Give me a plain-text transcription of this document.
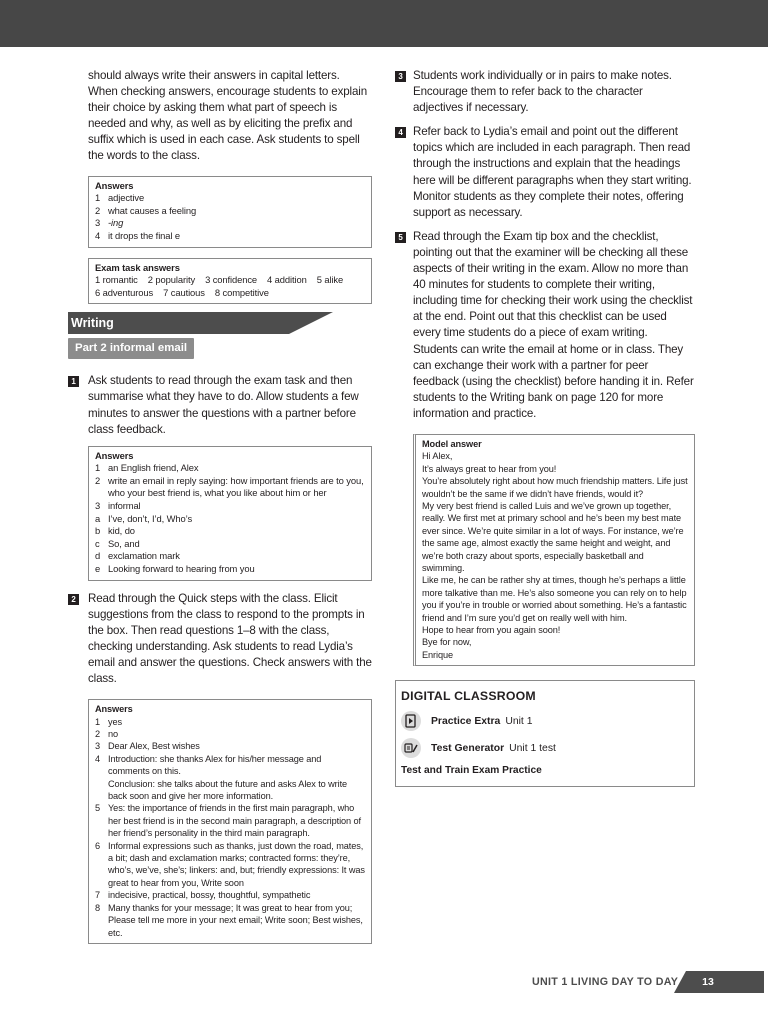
should always write their answers in capital letters. When checking answers, encourage students to explain their choice by asking them what part of speech is needed and why, as well as by eliciting the prefix and suffix which is used in each case. Ask students to spell the words to the class.

Answers
1 adjective
2 what causes a feeling
3 -ing
4 it drops the final e
Exam task answers
1 romantic    2 popularity    3 confidence    4 addition    5 alike
6 adventurous    7 cautious    8 competitive
Writing
Part 2 informal email
1 Ask students to read through the exam task and then summarise what they have to do. Allow students a few minutes to answer the questions with a partner before class feedback.

Answers
1 an English friend, Alex
2 write an email in reply saying: how important friends are to you, who your best friend is, what you like about him or her
3 informal
a I’ve, don’t, I’d, Who’s
b kid, do
c So, and
d exclamation mark
e Looking forward to hearing from you
2 Read through the Quick steps with the class. Elicit suggestions from the class to respond to the prompts in the box. Then read questions 1–8 with the class, checking understanding. Ask students to read Lydia’s email and answer the questions. Check answers with the class.

Answers
1 yes
2 no
3 Dear Alex, Best wishes
4 Introduction: she thanks Alex for his/her message and comments on this.
Conclusion: she talks about the future and asks Alex to write back soon and give her more information.
5 Yes: the importance of friends in the first main paragraph, who her best friend is in the second main paragraph, a description of her friend’s personality in the third main paragraph.
6 Informal expressions such as thanks, just down the road, mates, a bit; dash and exclamation marks; contracted forms: they’re, who’s, we’ve, she’s; linkers: and, but; friendly expressions: It was great to hear from you, Write soon
7 indecisive, practical, bossy, thoughtful, sympathetic
8 Many thanks for your message; It was great to hear from you; Please tell me more in your next email; Write soon; Best wishes, etc.
3 Students work individually or in pairs to make notes. Encourage them to refer back to the character adjectives if necessary.

4 Refer back to Lydia’s email and point out the different topics which are included in each paragraph. Then read through the instructions and explain that the headings here will be different paragraphs when they start writing. Monitor students as they complete their notes, offering support as necessary.

5 Read through the Exam tip box and the checklist, pointing out that the examiner will be checking all these aspects of their writing in the exam. Allow no more than 40 minutes for students to complete their writing, including time for checking their work using the checklist at the end. Point out that this checklist can be used every time students do a piece of exam writing. Students can write the email at home or in class. They can exchange their work with a partner for peer feedback (using the checklist) before handing it in. Refer students to the Writing bank on page 120 for more information and practice.

Model answer

Hi Alex,

It’s always great to hear from you!

You’re absolutely right about how much friendship matters. Life just wouldn’t be the same if we didn’t have friends, would it?

My very best friend is called Luis and we’ve grown up together, really. We first met at primary school and he’s been my best mate ever since. We’re quite similar in a lot of ways. For instance, we’re the same age, almost exactly the same height and weight, and we’re both crazy about sports, especially basketball and swimming.

Like me, he can be rather shy at times, though he’s perhaps a little more talkative than me. He’s also someone you can rely on to help you if you’re in trouble or worried about something. He’s a fantastic friend and I’m sure you’d get on really well with him.

Hope to hear from you again soon!

Bye for now,

Enrique

DIGITAL CLASSROOM
Practice Extra Unit 1
Test Generator Unit 1 test
Test and Train Exam Practice
UNIT 1 LIVING DAY TO DAY	13
